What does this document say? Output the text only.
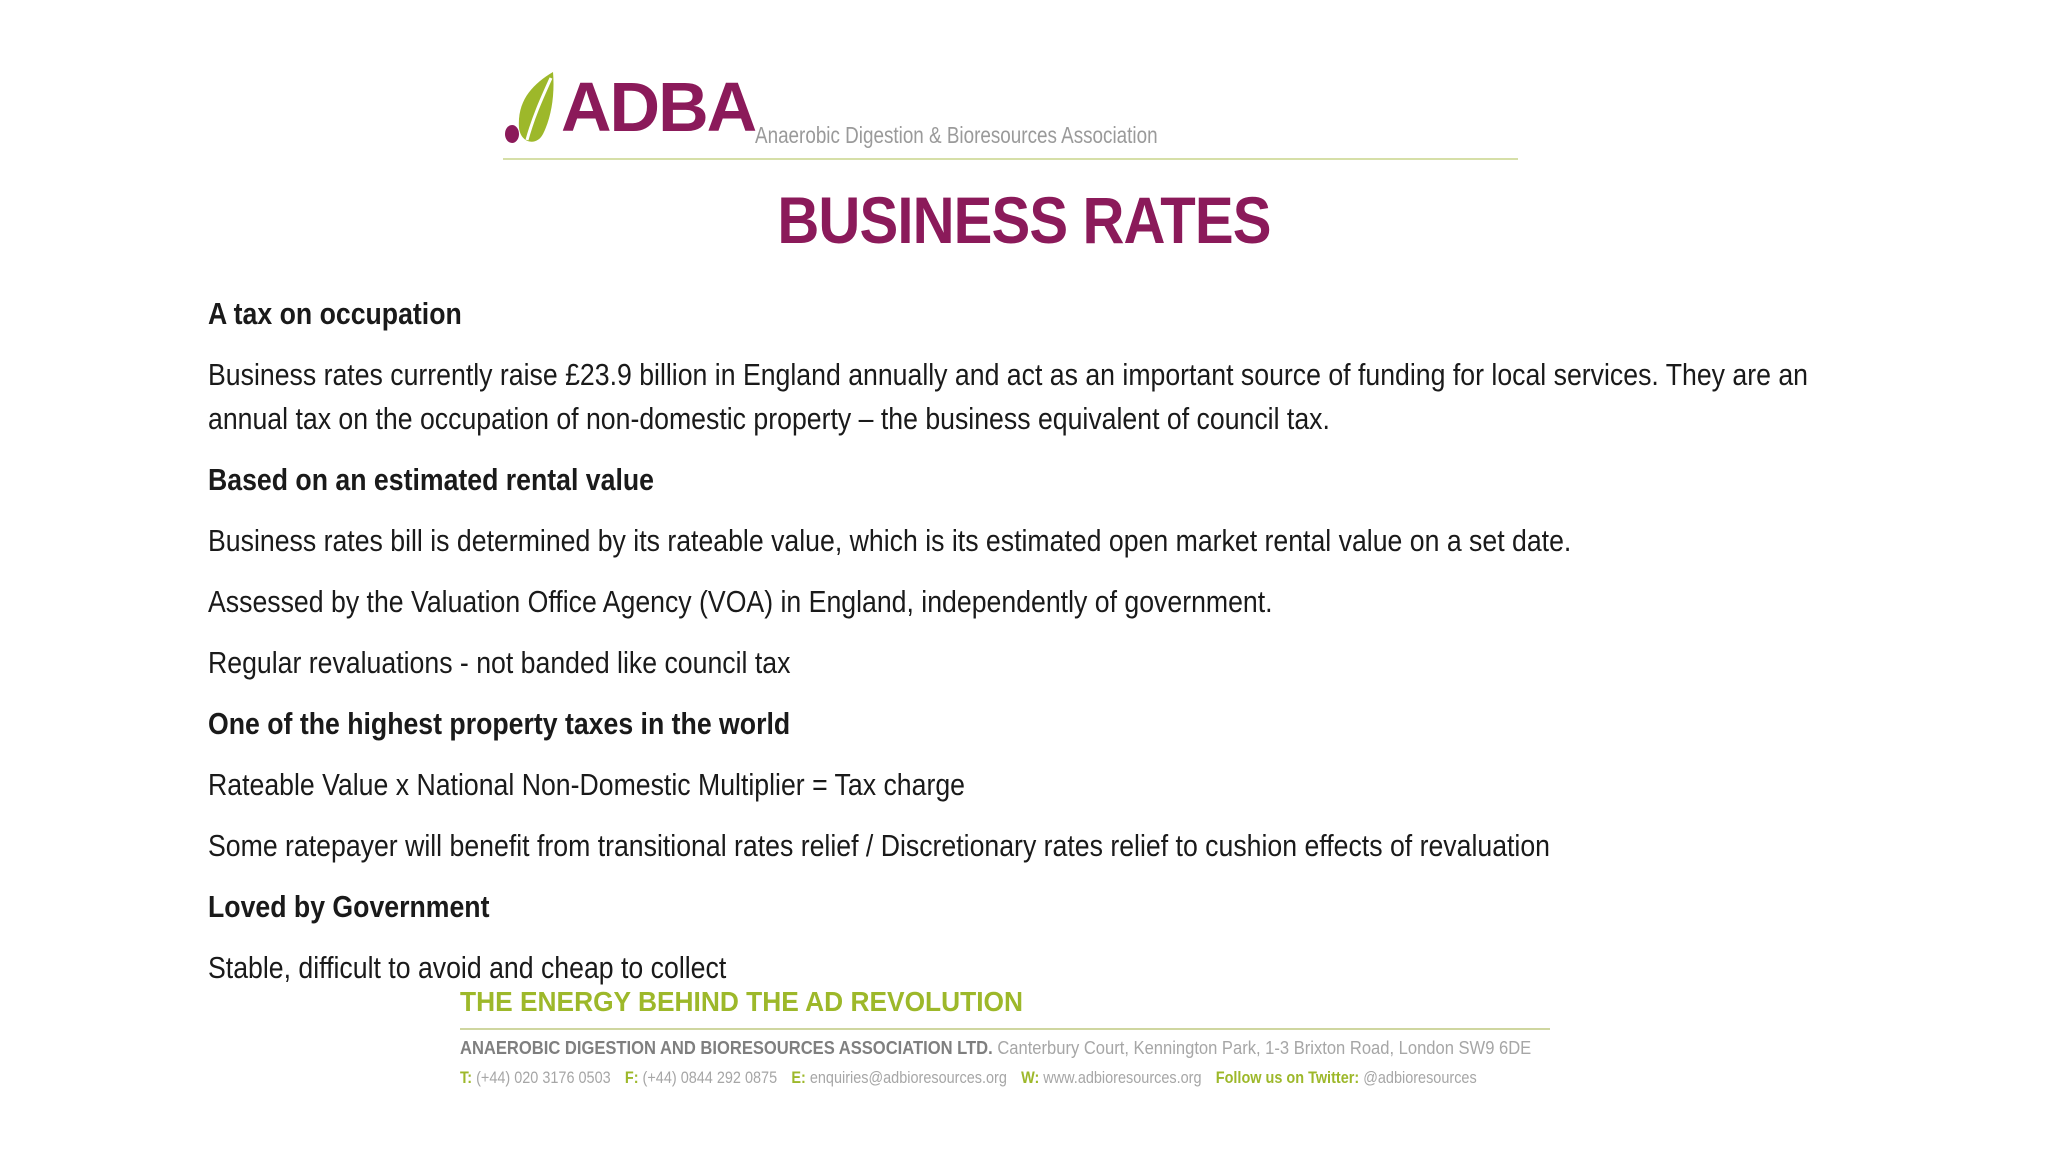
ADBA Anaerobic Digestion & Bioresources Association
BUSINESS RATES

A tax on occupation

Business rates currently raise £23.9 billion in England annually and act as an important source of funding for local services. They are an

annual tax on the occupation of non-domestic property – the business equivalent of council tax.

Based on an estimated rental value

Business rates bill is determined by its rateable value, which is its estimated open market rental value on a set date.

Assessed by the Valuation Office Agency (VOA) in England, independently of government.

Regular revaluations - not banded like council tax

One of the highest property taxes in the world

Rateable Value x National Non-Domestic Multiplier = Tax charge

Some ratepayer will benefit from transitional rates relief / Discretionary rates relief to cushion effects of revaluation

Loved by Government

Stable, difficult to avoid and cheap to collect

THE ENERGY BEHIND THE AD REVOLUTION
ANAEROBIC DIGESTION AND BIORESOURCES ASSOCIATION LTD. Canterbury Court, Kennington Park, 1-3 Brixton Road, London SW9 6DE
T: (+44) 020 3176 0503 F: (+44) 0844 292 0875 E: enquiries@adbioresources.org W: www.adbioresources.org Follow us on Twitter: @adbioresources
